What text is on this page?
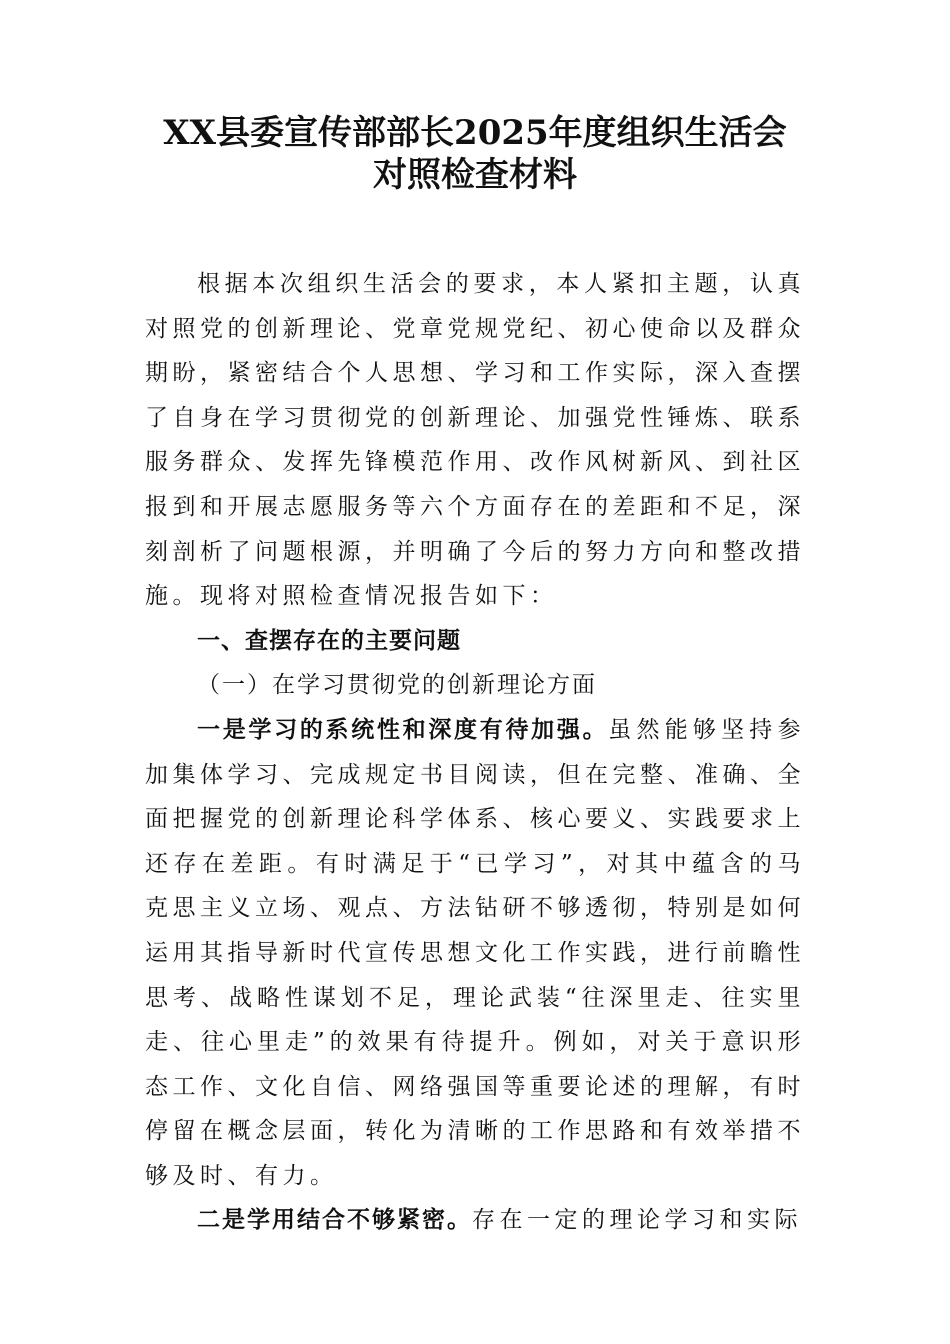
XX县委宣传部部长2025年度组织生活会
对照检查材料

根据本次组织生活会的要求，本人紧扣主题，认真对照党的创新理论、党章党规党纪、初心使命以及群众期盼，紧密结合个人思想、学习和工作实际，深入查摆了自身在学习贯彻党的创新理论、加强党性锤炼、联系服务群众、发挥先锋模范作用、改作风树新风、到社区报到和开展志愿服务等六个方面存在的差距和不足，深刻剖析了问题根源，并明确了今后的努力方向和整改措施。现将对照检查情况报告如下：

一、查摆存在的主要问题

（一）在学习贯彻党的创新理论方面

一是学习的系统性和深度有待加强。虽然能够坚持参加集体学习、完成规定书目阅读，但在完整、准确、全面把握党的创新理论科学体系、核心要义、实践要求上还存在差距。有时满足于“已学习”，对其中蕴含的马克思主义立场、观点、方法钻研不够透彻，特别是如何运用其指导新时代宣传思想文化工作实践，进行前瞻性思考、战略性谋划不足，理论武装“往深里走、往实里走、往心里走”的效果有待提升。例如，对关于意识形态工作、文化自信、网络强国等重要论述的理解，有时停留在概念层面，转化为清晰的工作思路和有效举措不够及时、有力。

二是学用结合不够紧密。存在一定的理论学习和实际
